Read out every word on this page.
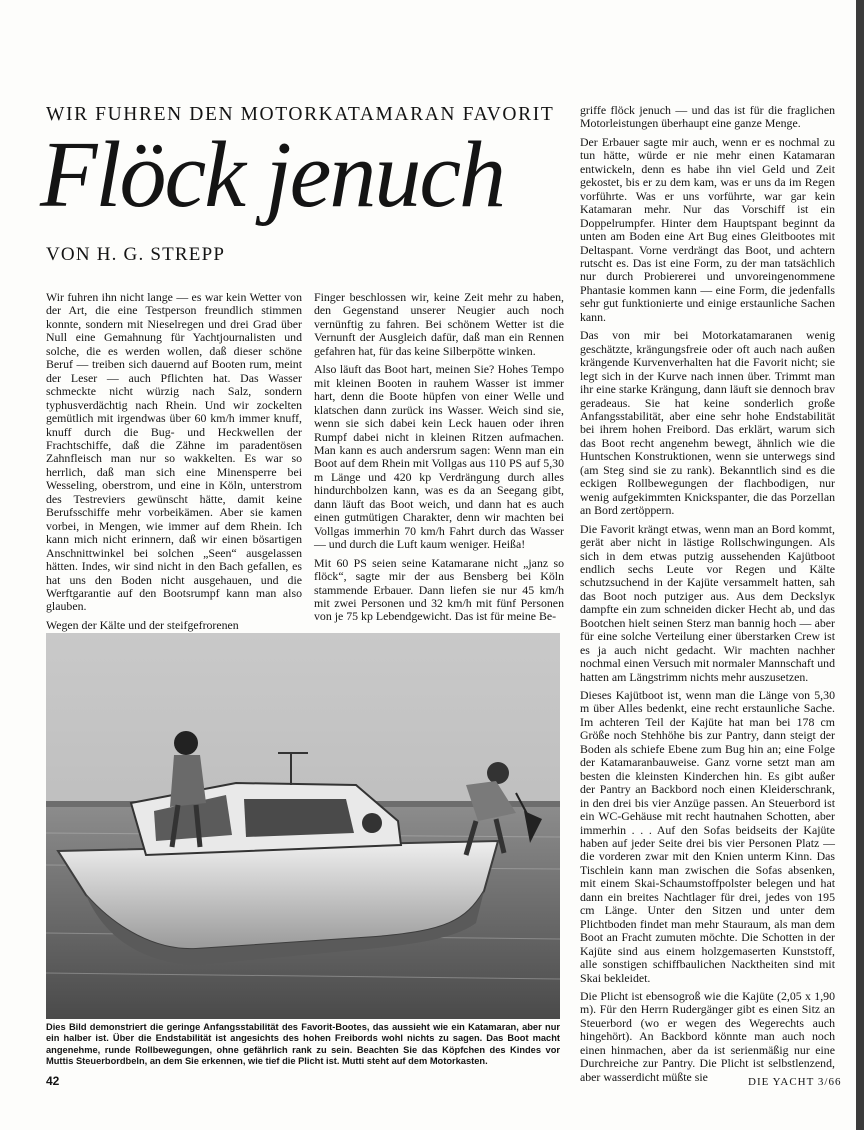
WIR FUHREN DEN MOTORKATAMARAN FAVORIT
Flöck jenuch
VON H. G. STREPP

Wir fuhren ihn nicht lange — es war kein Wetter von der Art, die eine Testperson freundlich stimmen konnte, sondern mit Nieselregen und drei Grad über Null eine Gemahnung für Yachtjournalisten und solche, die es werden wollen, daß dieser schöne Beruf — treiben sich dauernd auf Booten rum, meint der Leser — auch Pflichten hat. Das Wasser schmeckte nicht würzig nach Salz, sondern typhusverdächtig nach Rhein. Und wir zockelten gemütlich mit irgendwas über 60 km/h immer knuff, knuff durch die Bug- und Heckwellen der Frachtschiffe, daß die Zähne im paradentösen Zahnfleisch man nur so wakkelten. Es war so herrlich, daß man sich eine Minensperre bei Wesseling, oberstrom, und eine in Köln, unterstrom des Testreviers gewünscht hätte, damit keine Berufsschiffe mehr vorbeikämen. Aber sie kamen vorbei, in Mengen, wie immer auf dem Rhein. Ich kann mich nicht erinnern, daß wir einen bösartigen Anschnittwinkel bei solchen „Seen“ ausgelassen hätten. Indes, wir sind nicht in den Bach gefallen, es hat uns den Boden nicht ausgehauen, und die Werftgarantie auf den Bootsrumpf kann man also glauben.

Wegen der Kälte und der steifgefrorenen

Finger beschlossen wir, keine Zeit mehr zu haben, den Gegenstand unserer Neugier auch noch vernünftig zu fahren. Bei schönem Wetter ist die Vernunft der Ausgleich dafür, daß man ein Rennen gefahren hat, für das keine Silberpötte winken.

Also läuft das Boot hart, meinen Sie? Hohes Tempo mit kleinen Booten in rauhem Wasser ist immer hart, denn die Boote hüpfen von einer Welle und klatschen dann zurück ins Wasser. Weich sind sie, wenn sie sich dabei kein Leck hauen oder ihren Rumpf dabei nicht in kleinen Ritzen aufmachen. Man kann es auch andersrum sagen: Wenn man ein Boot auf dem Rhein mit Vollgas aus 110 PS auf 5,30 m Länge und 420 kp Verdrängung durch alles hindurchbolzen kann, was es da an Seegang gibt, dann läuft das Boot weich, und dann hat es auch einen gutmütigen Charakter, denn wir machten bei Vollgas immerhin 70 km/h Fahrt durch das Wasser — und durch die Luft kaum weniger. Heißa!

Mit 60 PS seien seine Katamarane nicht „janz so flöck“, sagte mir der aus Bensberg bei Köln stammende Erbauer. Dann liefen sie nur 45 km/h mit zwei Personen und 32 km/h mit fünf Personen von je 75 kp Lebendgewicht. Das ist für meine Be-

griffe flöck jenuch — und das ist für die fraglichen Motorleistungen überhaupt eine ganze Menge.

Der Erbauer sagte mir auch, wenn er es nochmal zu tun hätte, würde er nie mehr einen Katamaran entwickeln, denn es habe ihn viel Geld und Zeit gekostet, bis er zu dem kam, was er uns da im Regen vorführte. Was er uns vorführte, war gar kein Katamaran mehr. Nur das Vorschiff ist ein Doppelrumpfer. Hinter dem Hauptspant beginnt da unten am Boden eine Art Bug eines Gleitbootes mit Deltaspant. Vorne verdrängt das Boot, und achtern rutscht es. Das ist eine Form, zu der man tatsächlich nur durch Probiererei und unvoreingenommene Phantasie kommen kann — eine Form, die jedenfalls sehr gut funktionierte und einige erstaunliche Sachen kann.

Das von mir bei Motorkatamaranen wenig geschätzte, krängungsfreie oder oft auch nach außen krängende Kurvenverhalten hat die Favorit nicht; sie legt sich in der Kurve nach innen über. Trimmt man ihr eine starke Krängung, dann läuft sie dennoch brav geradeaus. Sie hat keine sonderlich große Anfangsstabilität, aber eine sehr hohe Endstabilität bei ihrem hohen Freibord. Das erklärt, warum sich das Boot recht angenehm bewegt, ähnlich wie die Huntschen Konstruktionen, wenn sie unterwegs sind (am Steg sind sie zu rank). Bekanntlich sind es die eckigen Rollbewegungen der flachbodigen, nur wenig aufgekimmten Knickspanter, die das Porzellan an Bord zertöppern.

Die Favorit krängt etwas, wenn man an Bord kommt, gerät aber nicht in lästige Rollschwingungen. Als sich in dem etwas putzig aussehenden Kajütboot endlich sechs Leute vor Regen und Kälte schutzsuchend in der Kajüte versammelt hatten, sah das Boot noch putziger aus. Aus dem Deckslук dampfte ein zum schneiden dicker Hecht ab, und das Bootchen hielt seinen Sterz man bannig hoch — aber für eine solche Verteilung einer überstarken Crew ist es ja auch nicht gedacht. Wir machten nachher nochmal einen Versuch mit normaler Mannschaft und hatten am Längstrimm nichts mehr auszusetzen.

Dieses Kajütboot ist, wenn man die Länge von 5,30 m über Alles bedenkt, eine recht erstaunliche Sache. Im achteren Teil der Kajüte hat man bei 178 cm Größe noch Stehhöhe bis zur Pantry, dann steigt der Boden als schiefe Ebene zum Bug hin an; eine Folge der Katamaranbauweise. Ganz vorne setzt man am besten die kleinsten Kinderchen hin. Es gibt außer der Pantry an Backbord noch einen Kleiderschrank, in den drei bis vier Anzüge passen. An Steuerbord ist ein WC-Gehäuse mit recht hautnahen Schotten, aber immerhin . . . Auf den Sofas beidseits der Kajüte haben auf jeder Seite drei bis vier Personen Platz — die vorderen zwar mit den Knien unterm Kinn. Das Tischlein kann man zwischen die Sofas absenken, mit einem Skai-Schaumstoffpolster belegen und hat dann ein breites Nachtlager für drei, jedes von 195 cm Länge. Unter den Sitzen und unter dem Plichtboden findet man mehr Stauraum, als man dem Boot an Fracht zumuten möchte. Die Schotten in der Kajüte sind aus einem holzgemaserten Kunststoff, alle sonstigen schiffbaulichen Nacktheiten sind mit Skai bekleidet.

Die Plicht ist ebensogroß wie die Kajüte (2,05 x 1,90 m). Für den Herrn Rudergänger gibt es einen Sitz an Steuerbord (wo er wegen des Wegerechts auch hingehört). An Backbord könnte man auch noch einen hinmachen, aber da ist serienmäßig nur eine Durchreiche zur Pantry. Die Plicht ist selbstlenzend, aber wasserdicht müßte sie

Dies Bild demonstriert die geringe Anfangsstabilität des Favorit-Bootes, das aussieht wie ein Katamaran, aber nur ein halber ist. Über die Endstabilität ist angesichts des hohen Freibords wohl nichts zu sagen. Das Boot macht angenehme, runde Rollbewegungen, ohne gefährlich rank zu sein. Beachten Sie das Köpfchen des Kindes vor Muttis Steuerbordbeln, an dem Sie erkennen, wie tief die Plicht ist. Mutti steht auf dem Motorkasten.
42	DIE YACHT 3/66
